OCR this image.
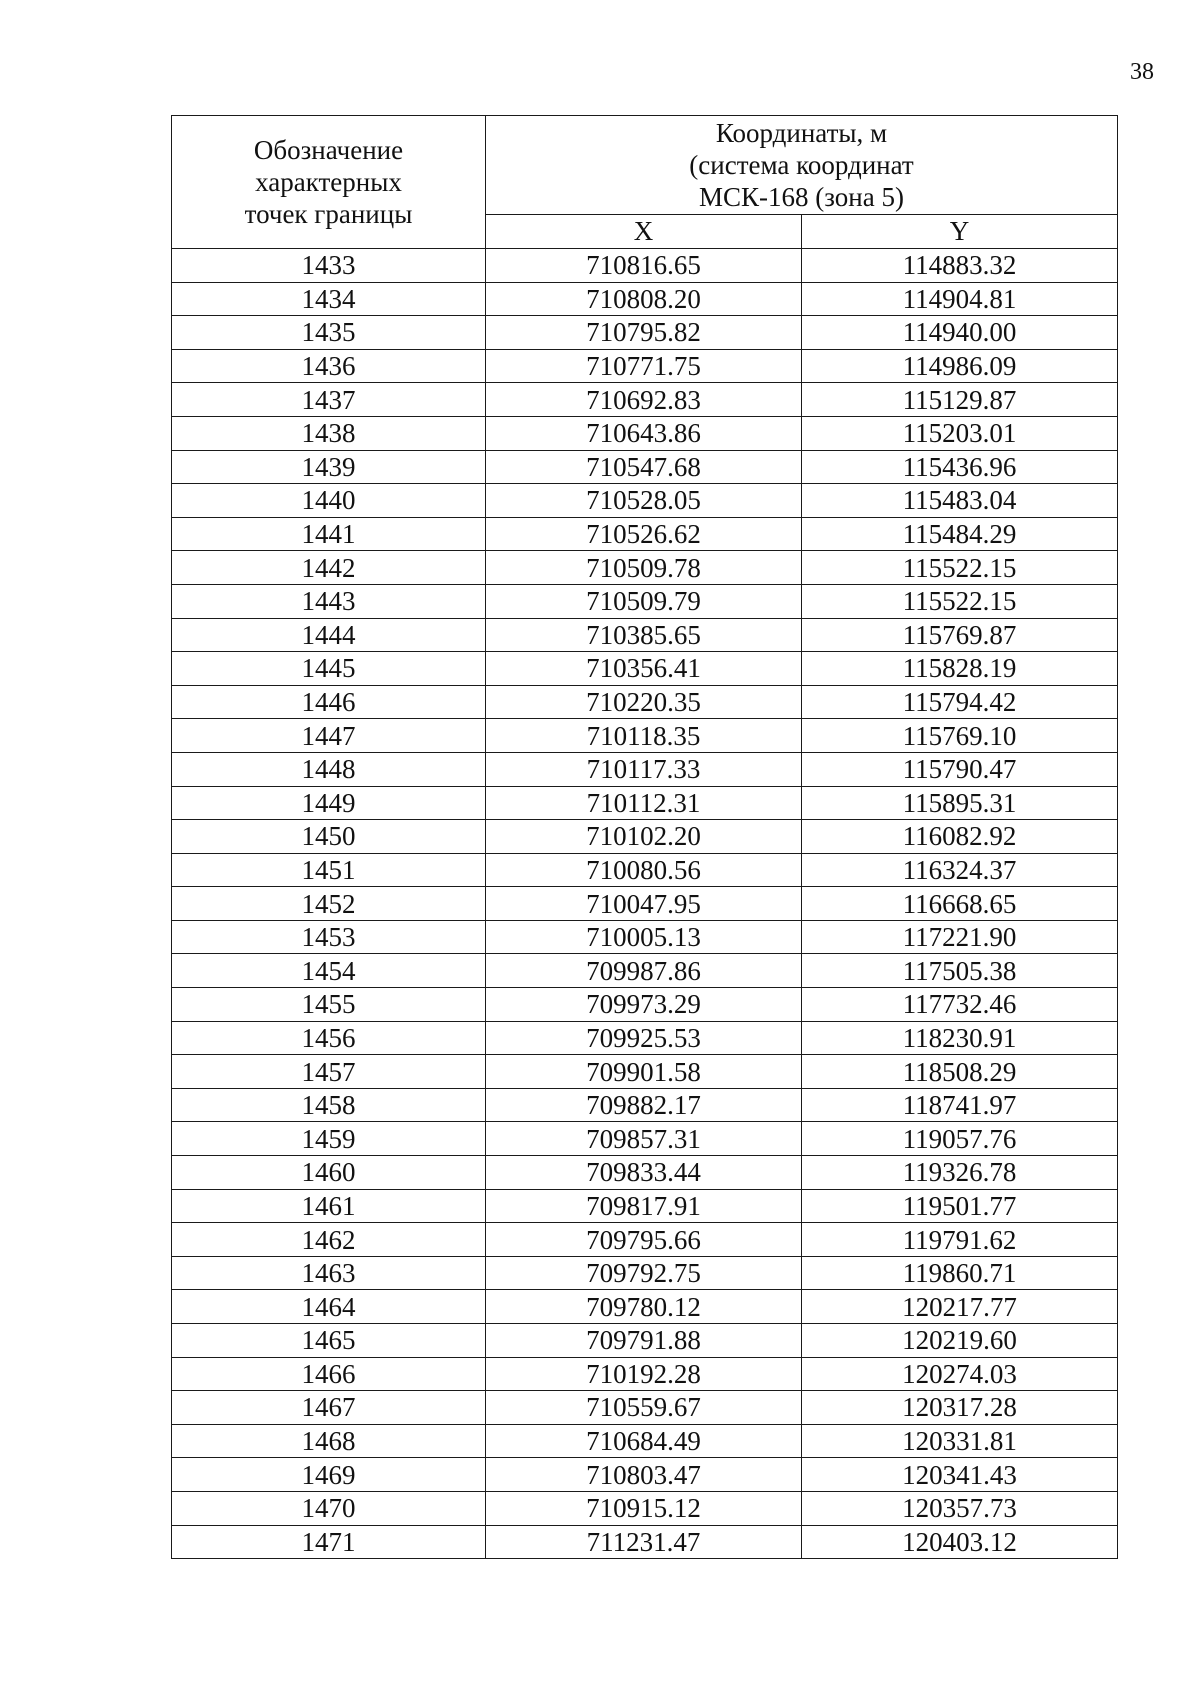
38
Обозначение
характерных
точек границы	Координаты, м
(система координат
МСК-168 (зона 5)	

	X	Y
1433	710816.65	114883.32
1434	710808.20	114904.81
1435	710795.82	114940.00
1436	710771.75	114986.09
1437	710692.83	115129.87
1438	710643.86	115203.01
1439	710547.68	115436.96
1440	710528.05	115483.04
1441	710526.62	115484.29
1442	710509.78	115522.15
1443	710509.79	115522.15
1444	710385.65	115769.87
1445	710356.41	115828.19
1446	710220.35	115794.42
1447	710118.35	115769.10
1448	710117.33	115790.47
1449	710112.31	115895.31
1450	710102.20	116082.92
1451	710080.56	116324.37
1452	710047.95	116668.65
1453	710005.13	117221.90
1454	709987.86	117505.38
1455	709973.29	117732.46
1456	709925.53	118230.91
1457	709901.58	118508.29
1458	709882.17	118741.97
1459	709857.31	119057.76
1460	709833.44	119326.78
1461	709817.91	119501.77
1462	709795.66	119791.62
1463	709792.75	119860.71
1464	709780.12	120217.77
1465	709791.88	120219.60
1466	710192.28	120274.03
1467	710559.67	120317.28
1468	710684.49	120331.81
1469	710803.47	120341.43
1470	710915.12	120357.73
1471	711231.47	120403.12
